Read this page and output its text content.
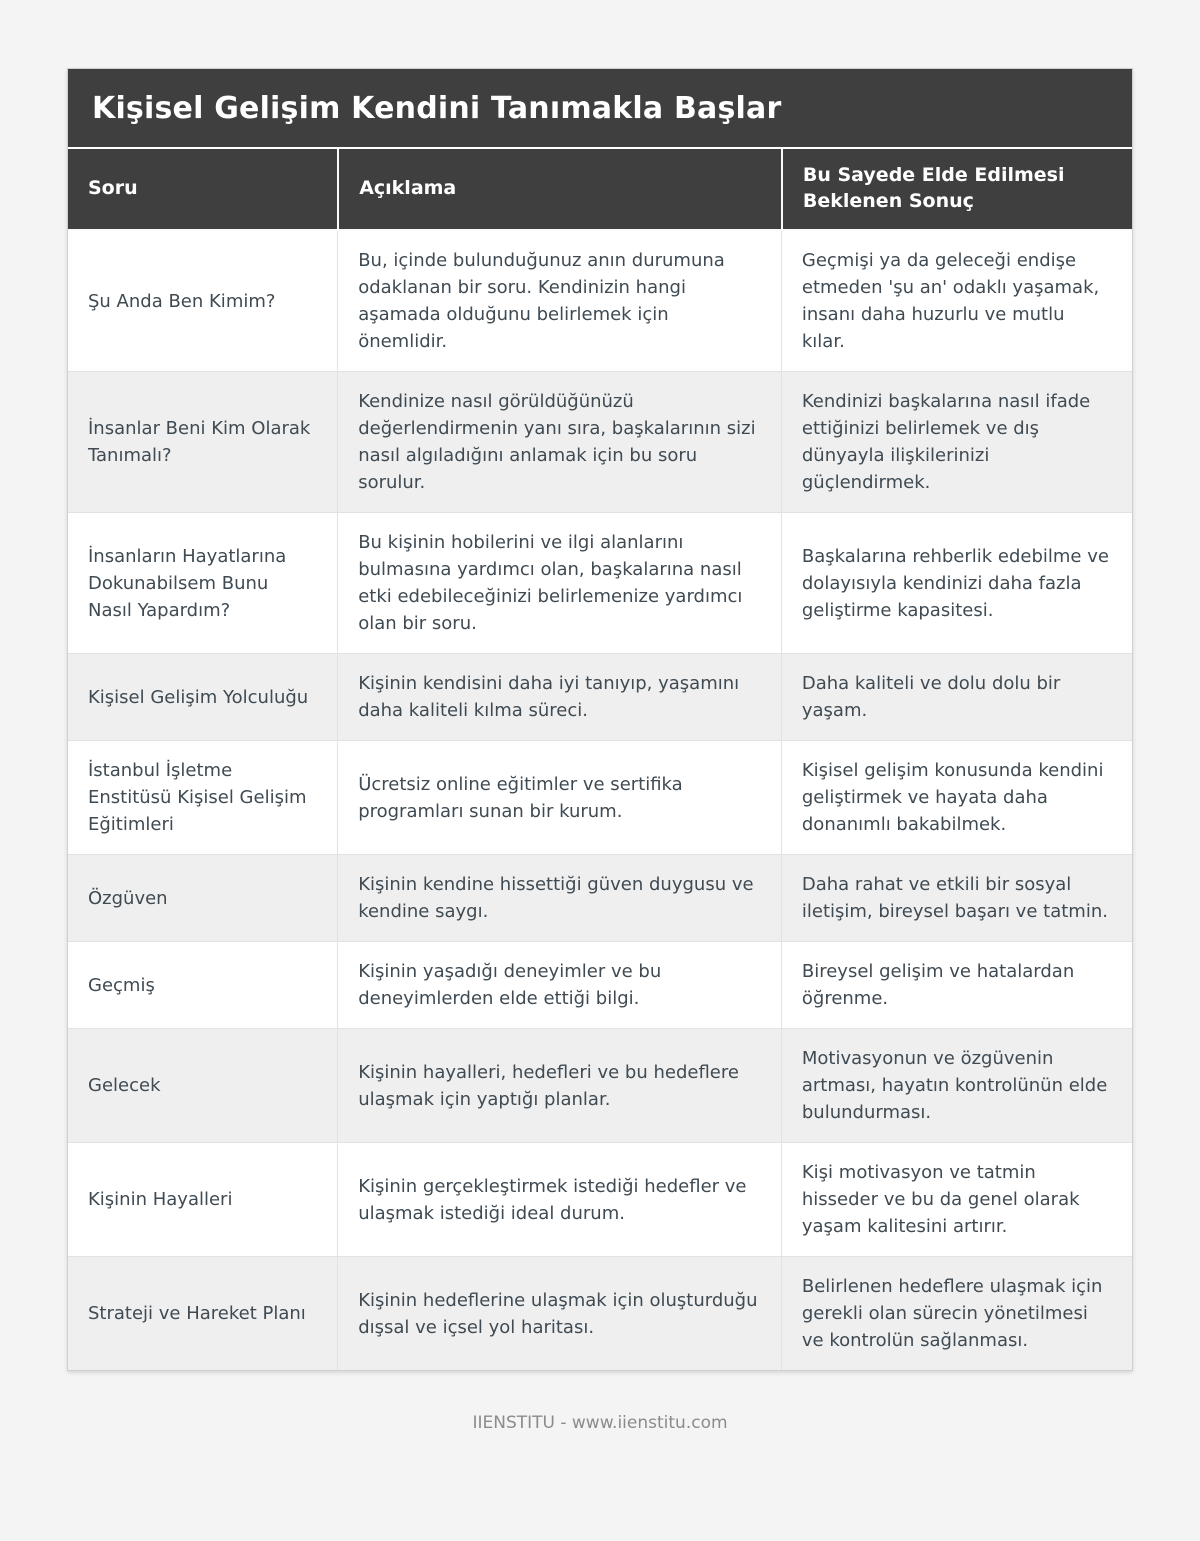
Kişisel Gelişim Kendini Tanımakla Başlar
Soru	Açıklama	Bu Sayede Elde Edilmesi Beklenen Sonuç
Şu Anda Ben Kimim?	Bu, içinde bulunduğunuz anın durumuna odaklanan bir soru. Kendinizin hangi aşamada olduğunu belirlemek için önemlidir.	Geçmişi ya da geleceği endişe etmeden 'şu an' odaklı yaşamak, insanı daha huzurlu ve mutlu kılar.
İnsanlar Beni Kim Olarak Tanımalı?	Kendinize nasıl görüldüğünüzü değerlendirmenin yanı sıra, başkalarının sizi nasıl algıladığını anlamak için bu soru sorulur.	Kendinizi başkalarına nasıl ifade ettiğinizi belirlemek ve dış dünyayla ilişkilerinizi güçlendirmek.
İnsanların Hayatlarına Dokunabilsem Bunu Nasıl Yapardım?	Bu kişinin hobilerini ve ilgi alanlarını bulmasına yardımcı olan, başkalarına nasıl etki edebileceğinizi belirlemenize yardımcı olan bir soru.	Başkalarına rehberlik edebilme ve dolayısıyla kendinizi daha fazla geliştirme kapasitesi.
Kişisel Gelişim Yolculuğu	Kişinin kendisini daha iyi tanıyıp, yaşamını daha kaliteli kılma süreci.	Daha kaliteli ve dolu dolu bir yaşam.
İstanbul İşletme Enstitüsü Kişisel Gelişim Eğitimleri	Ücretsiz online eğitimler ve sertifika programları sunan bir kurum.	Kişisel gelişim konusunda kendini geliştirmek ve hayata daha donanımlı bakabilmek.
Özgüven	Kişinin kendine hissettiği güven duygusu ve kendine saygı.	Daha rahat ve etkili bir sosyal iletişim, bireysel başarı ve tatmin.
Geçmiş	Kişinin yaşadığı deneyimler ve bu deneyimlerden elde ettiği bilgi.	Bireysel gelişim ve hatalardan öğrenme.
Gelecek	Kişinin hayalleri, hedefleri ve bu hedeflere ulaşmak için yaptığı planlar.	Motivasyonun ve özgüvenin artması, hayatın kontrolünün elde bulundurması.
Kişinin Hayalleri	Kişinin gerçekleştirmek istediği hedefler ve ulaşmak istediği ideal durum.	Kişi motivasyon ve tatmin hisseder ve bu da genel olarak yaşam kalitesini artırır.
Strateji ve Hareket Planı	Kişinin hedeflerine ulaşmak için oluşturduğu dışsal ve içsel yol haritası.	Belirlenen hedeflere ulaşmak için gerekli olan sürecin yönetilmesi ve kontrolün sağlanması.
IIENSTITU - www.iienstitu.com
